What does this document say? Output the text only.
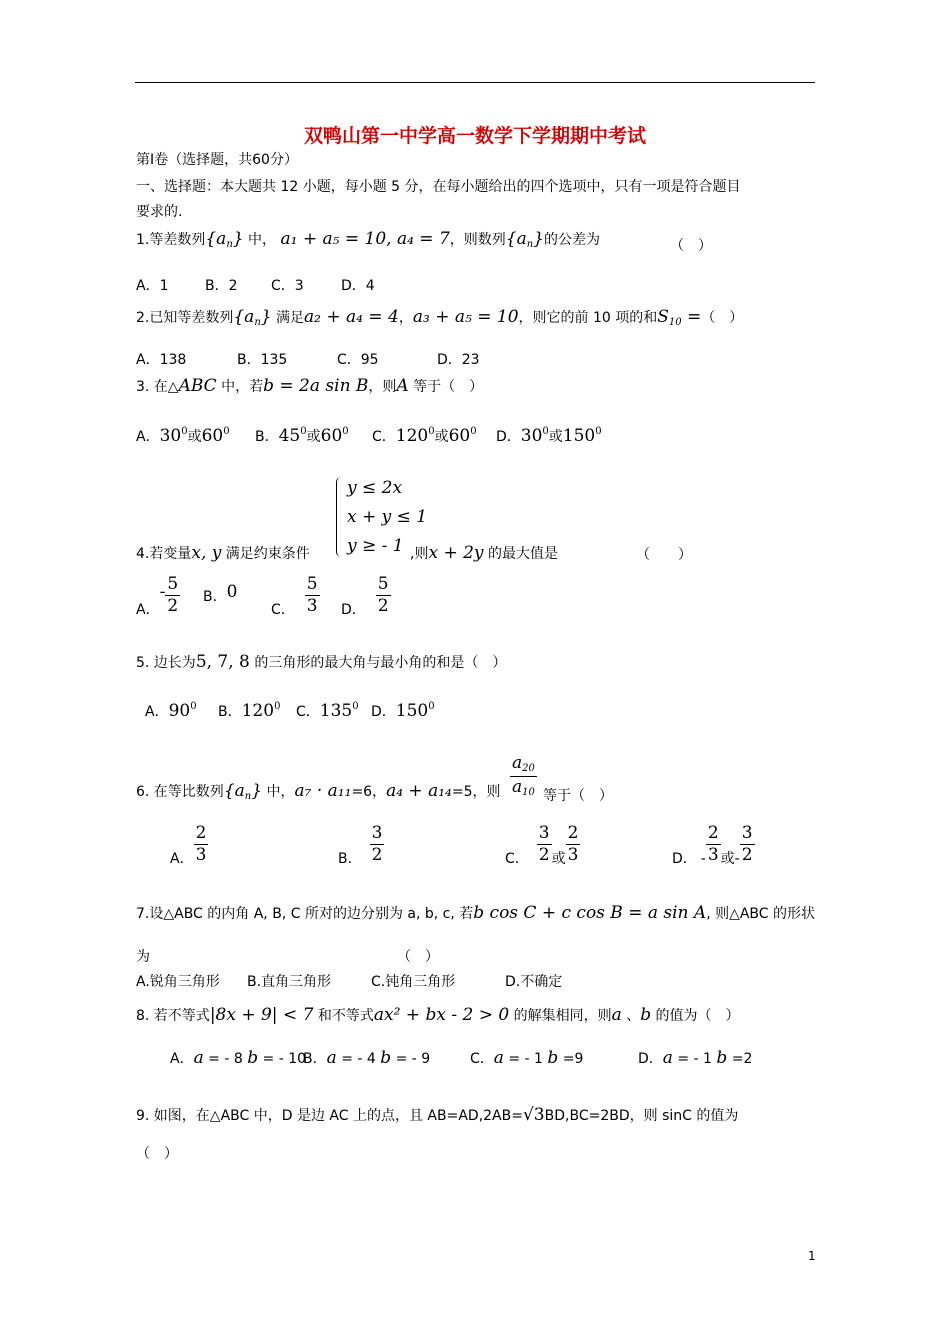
双鸭山第一中学高一数学下学期期中考试
第Ⅰ卷（选择题，共60分）
一、选择题：本大题共 12 小题，每小题 5 分，在每小题给出的四个选项中，只有一项是符合题目
要求的.
1.等差数列$\{a_n\}$ 中， a₁ + a₅ = 10, a₄ = 7，则数列$\{a_n\}$的公差为	（　）
A．1	B．2 C．3	D．4
2.已知等差数列$\{a_n\}$ 满足a₂ + a₄ = 4，a₃ + a₅ = 10，则它的前 10 项的和$S_{10}$ =（　）
A．138	B．135	C．95	D．23
3. 在△ABC 中，若b = 2a sin B，则A 等于（　）
A．$30^0$或$60^0$ B．$45^0$或$60^0$ C．$120^0$或$60^0$ D．$30^0$或$150^0$
y ≤ 2x
x + y ≤ 1
y ≥ - 1
4.若变量x, y 满足约束条件	,则x + 2y 的最大值是	（　　）
A．- $\frac{5}{2}$ B．0
C． $\frac{5}{3}$ D． $\frac{5}{2}$
5. 边长为5, 7, 8 的三角形的最大角与最小角的和是（　）
A．$90^0$ B．$120^0$ C．$135^0$ D．$150^0$
6. 在等比数列$\{a_n\}$ 中，a₇ · a₁₁=6，a₄ + a₁₄=5，则 $\frac{a_{20}}{a_{10}}$ 等于（　）
A． $\frac{2}{3}$	B． $\frac{3}{2}$	C． $\frac{3}{2}$ 或 $\frac{2}{3}$	D． - $\frac{2}{3}$ 或- $\frac{3}{2}$
7.设△ABC 的内角 A, B, C 所对的边分别为 a, b, c, 若b cos C + c cos B = a sin A, 则△ABC 的形状
为	（　）
A.锐角三角形 B.直角三角形	C.钝角三角形	D.不确定
8. 若不等式|8x + 9| < 7 和不等式ax² + bx - 2 > 0 的解集相同，则a 、b 的值为（　）
A．a = - 8 b = - 10
B．a = - 4 b = - 9	C．a = - 1 b =9	D．a = - 1 b =2
9. 如图，在△ABC 中，D 是边 AC 上的点，且 AB=AD,2AB=√3BD,BC=2BD，则 sinC 的值为
（　）
1
